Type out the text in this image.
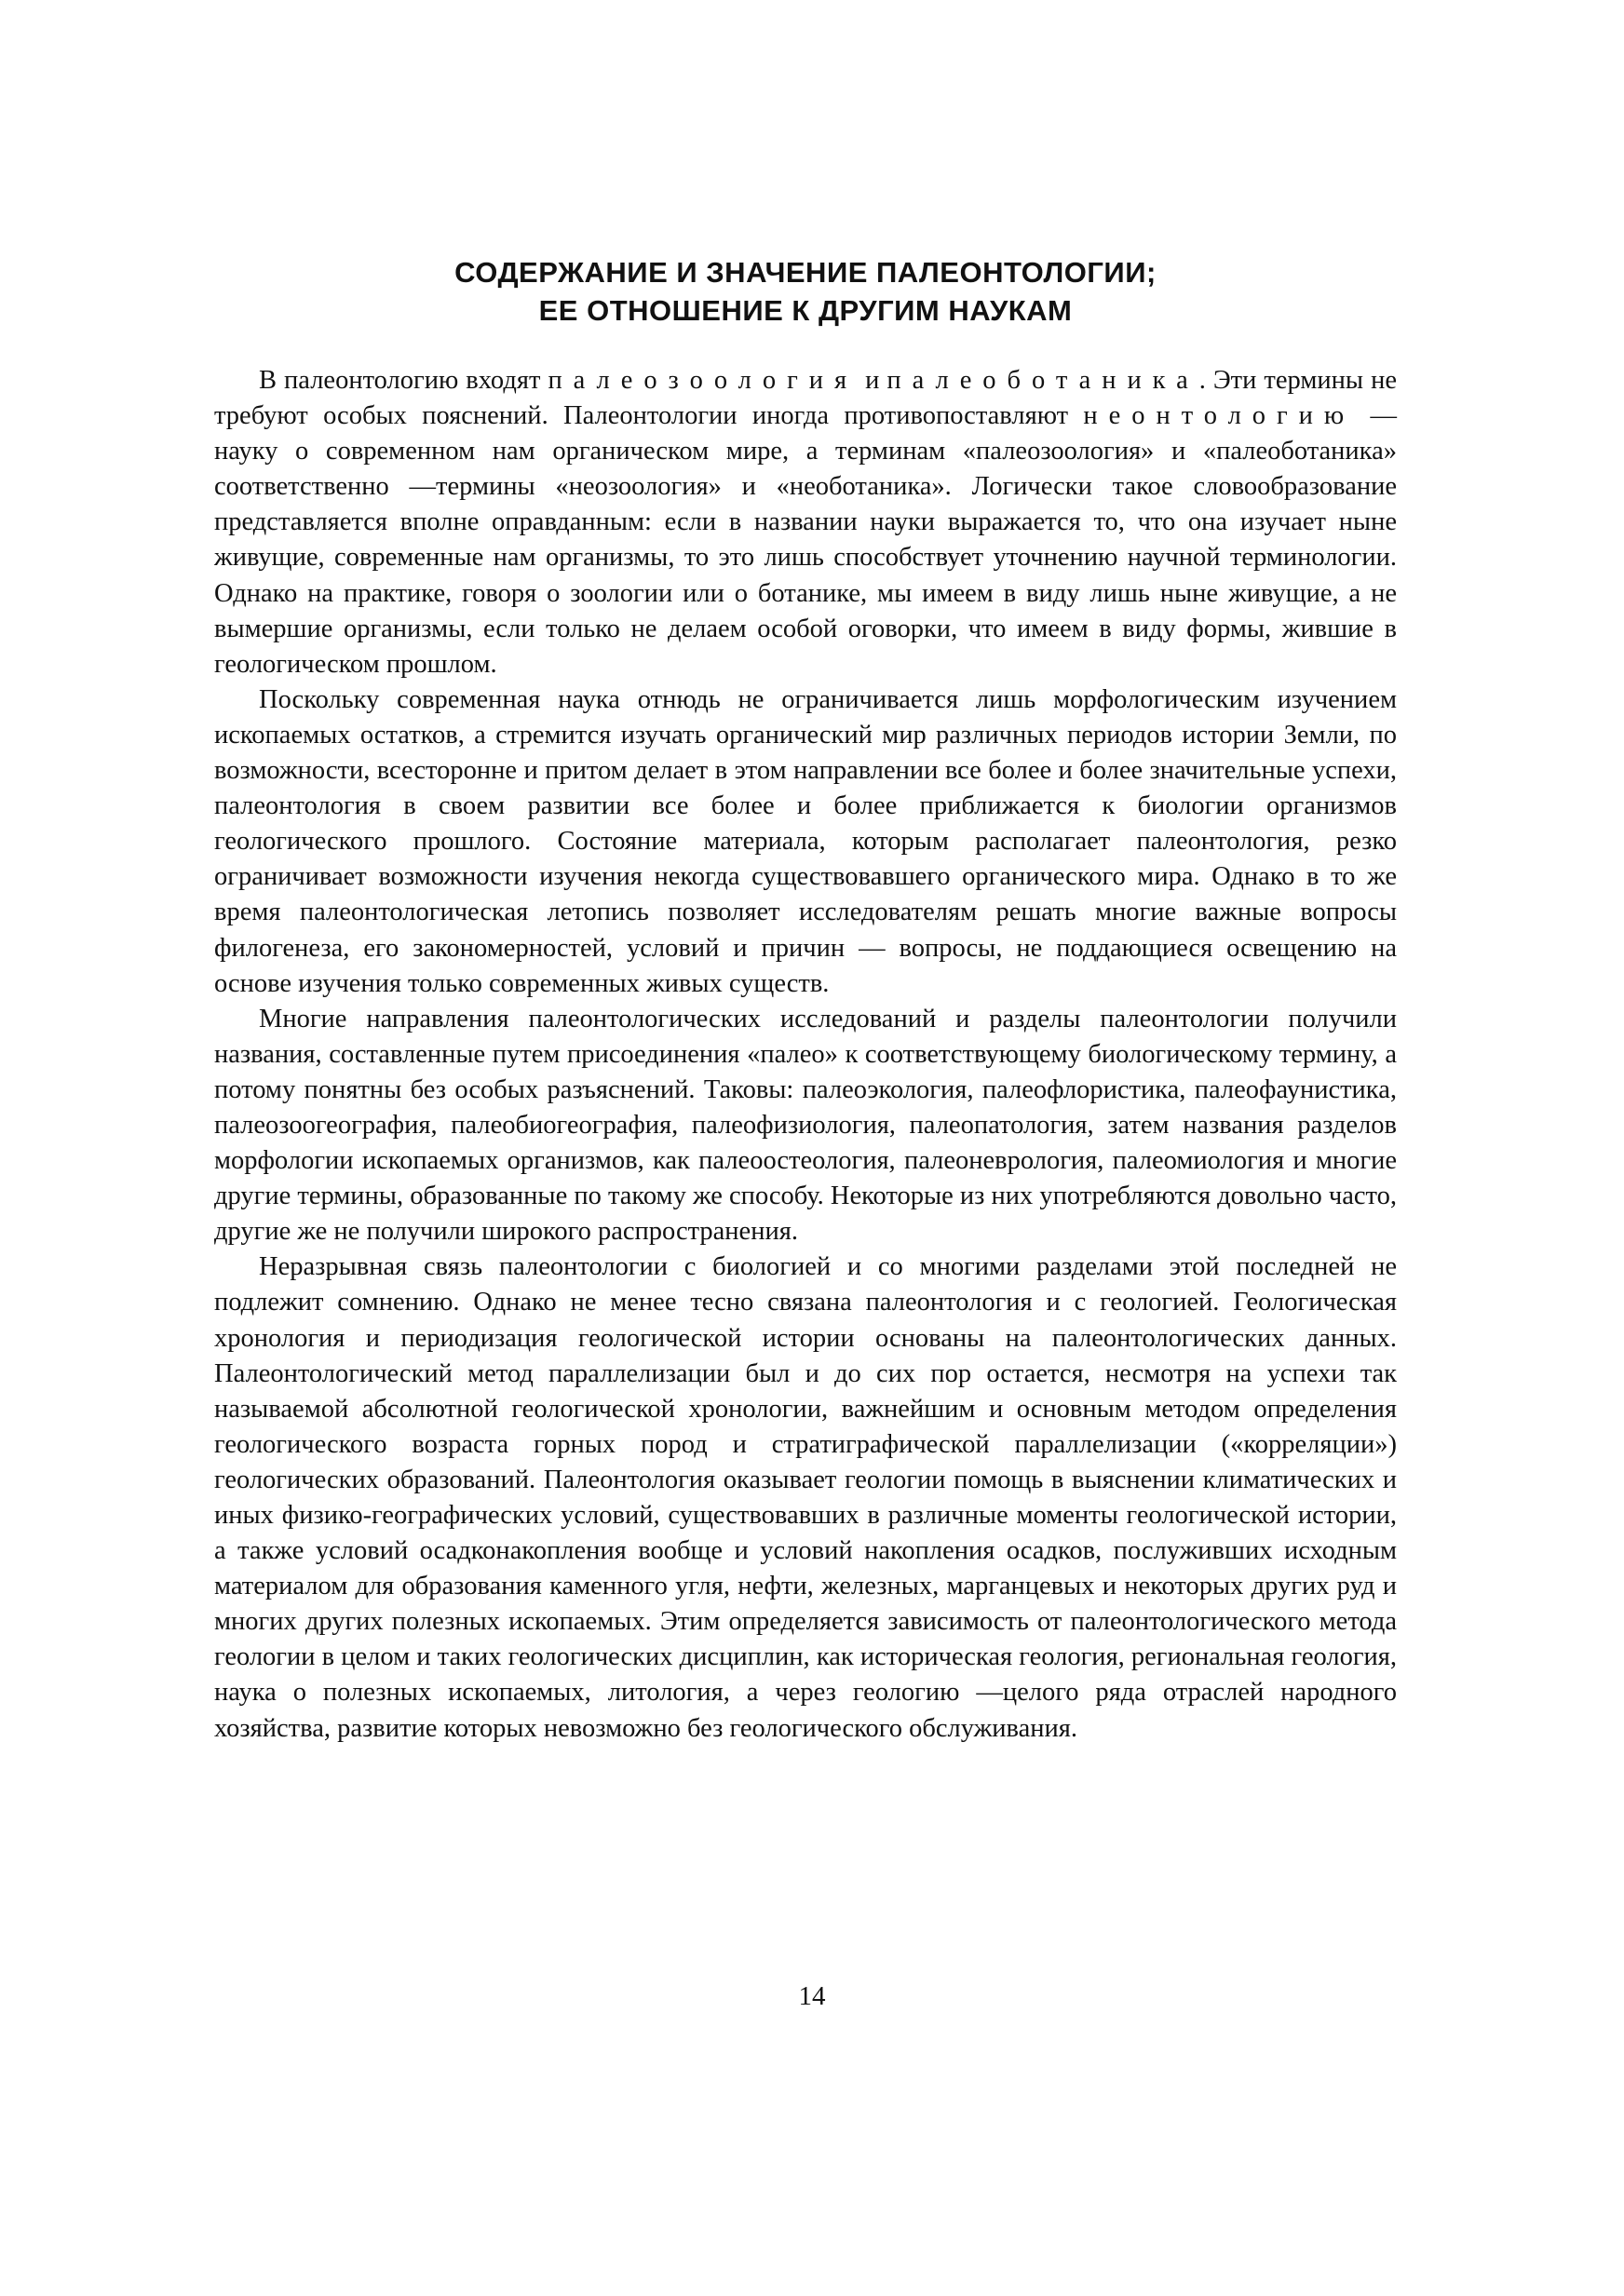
СОДЕРЖАНИЕ И ЗНАЧЕНИЕ ПАЛЕОНТОЛОГИИ;
ЕЕ ОТНОШЕНИЕ К ДРУГИМ НАУКАМ

В палеонтологию входят палеозоология и палеоботаника. Эти термины не требуют особых пояснений. Палеонтологии иногда противопоставляют неонтологию — науку о современном нам органическом мире, а терминам «палеозоология» и «палеоботаника» соответственно —термины «неозоология» и «необотаника». Логически такое словообразование представляется вполне оправданным: если в названии науки выражается то, что она изучает ныне живущие, современные нам организмы, то это лишь способствует уточнению научной терминологии. Однако на практике, говоря о зоологии или о ботанике, мы имеем в виду лишь ныне живущие, а не вымершие организмы, если только не делаем особой оговорки, что имеем в виду формы, жившие в геологическом прошлом.

Поскольку современная наука отнюдь не ограничивается лишь морфологическим изучением ископаемых остатков, а стремится изучать органический мир различных периодов истории Земли, по возможности, всесторонне и притом делает в этом направлении все более и более значительные успехи, палеонтология в своем развитии все более и более приближается к биологии организмов геологического прошлого. Состояние материала, которым располагает палеонтология, резко ограничивает возможности изучения некогда существовавшего органического мира. Однако в то же время палеонтологическая летопись позволяет исследователям решать многие важные вопросы филогенеза, его закономерностей, условий и причин — вопросы, не поддающиеся освещению на основе изучения только современных живых существ.

Многие направления палеонтологических исследований и разделы палеонтологии получили названия, составленные путем присоединения «палео» к соответствующему биологическому термину, а потому понятны без особых разъяснений. Таковы: палеоэкология, палеофлористика, палеофаунистика, палеозоогеография, палеобиогеография, палеофизиология, палеопатология, затем названия разделов морфологии ископаемых организмов, как палеоостеология, палеоневрология, палеомиология и многие другие термины, образованные по такому же способу. Некоторые из них употребляются довольно часто, другие же не получили широкого распространения.

Неразрывная связь палеонтологии с биологией и со многими разделами этой последней не подлежит сомнению. Однако не менее тесно связана палеонтология и с геологией. Геологическая хронология и периодизация геологической истории основаны на палеонтологических данных. Палеонтологический метод параллелизации был и до сих пор остается, несмотря на успехи так называемой абсолютной геологической хронологии, важнейшим и основным методом определения геологического возраста горных пород и стратиграфической параллелизации («корреляции») геологических образований. Палеонтология оказывает геологии помощь в выяснении климатических и иных физико-географических условий, существовавших в различные моменты геологической истории, а также условий осадконакопления вообще и условий накопления осадков, послуживших исходным материалом для образования каменного угля, нефти, железных, марганцевых и некоторых других руд и многих других полезных ископаемых. Этим определяется зависимость от палеонтологического метода геологии в целом и таких геологических дисциплин, как историческая геология, региональная геология, наука о полезных ископаемых, литология, а через геологию —целого ряда отраслей народного хозяйства, развитие которых невозможно без геологического обслуживания.

14
